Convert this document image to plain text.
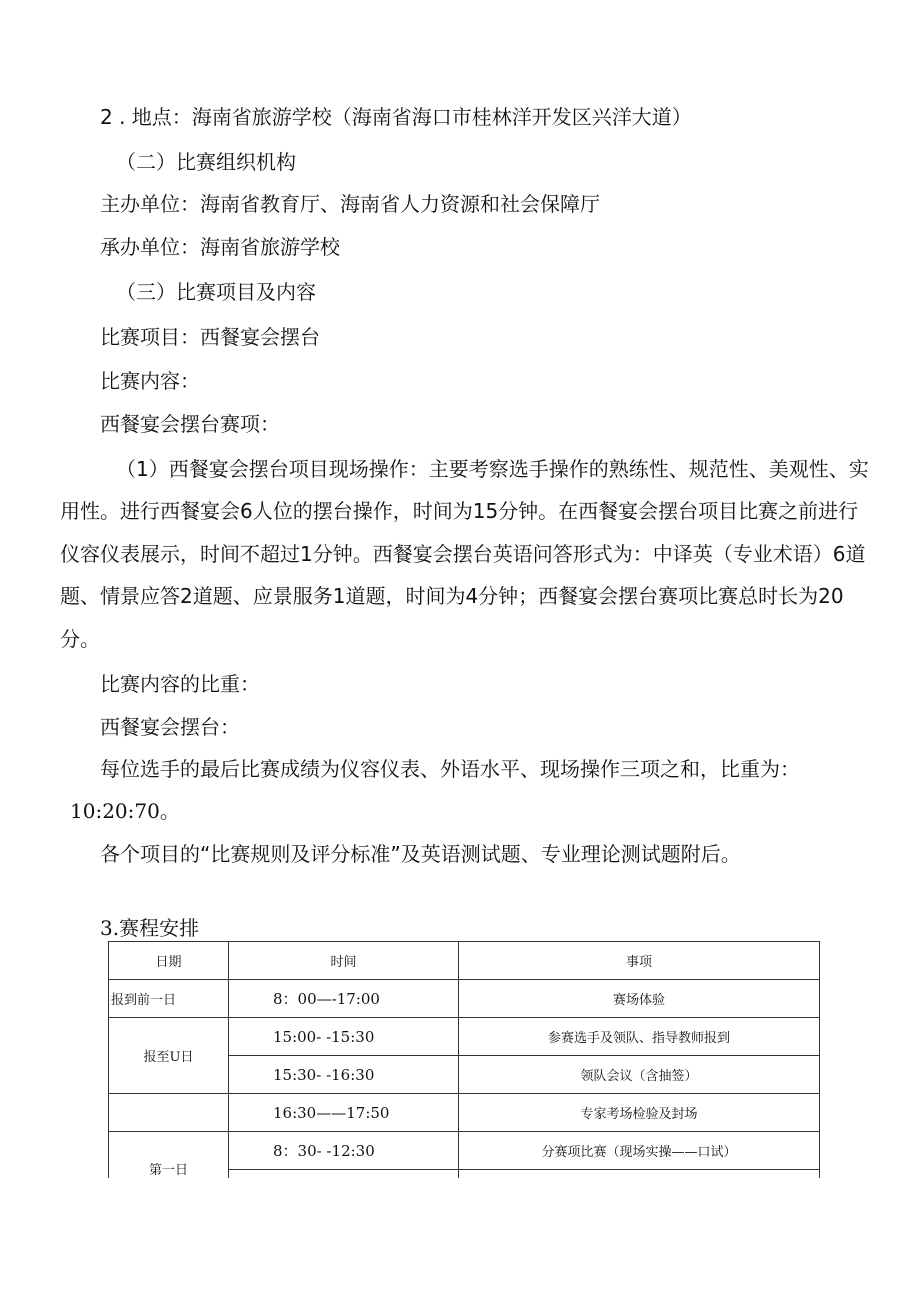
2 . 地点：海南省旅游学校（海南省海口市桂林洋开发区兴洋大道）
（二）比赛组织机构
主办单位：海南省教育厅、海南省人力资源和社会保障厅
承办单位：海南省旅游学校
（三）比赛项目及内容
比赛项目：西餐宴会摆台
比赛内容：
西餐宴会摆台赛项：
（1）西餐宴会摆台项目现场操作：主要考察选手操作的熟练性、规范性、美观性、实
用性。进行西餐宴会6人位的摆台操作，时间为15分钟。在西餐宴会摆台项目比赛之前进行
仪容仪表展示，时间不超过1分钟。西餐宴会摆台英语问答形式为：中译英（专业术语）6道
题、情景应答2道题、应景服务1道题，时间为4分钟；西餐宴会摆台赛项比赛总时长为20
分。
比赛内容的比重：
西餐宴会摆台：
每位选手的最后比赛成绩为仪容仪表、外语水平、现场操作三项之和，比重为：
10:20:70。
各个项目的“比赛规则及评分标准”及英语测试题、专业理论测试题附后。
3.赛程安排
日期	时间	事项
报到前一日	8：00—-17:00	赛场体验
报至U日	15:00- -15:30	参赛选手及领队、指导教师报到
	15:30- -16:30	领队会议（含抽签）
	16:30——17:50	专家考场检验及封场
第一日	8：30- -12:30	分赛项比赛（现场实操——口试）
